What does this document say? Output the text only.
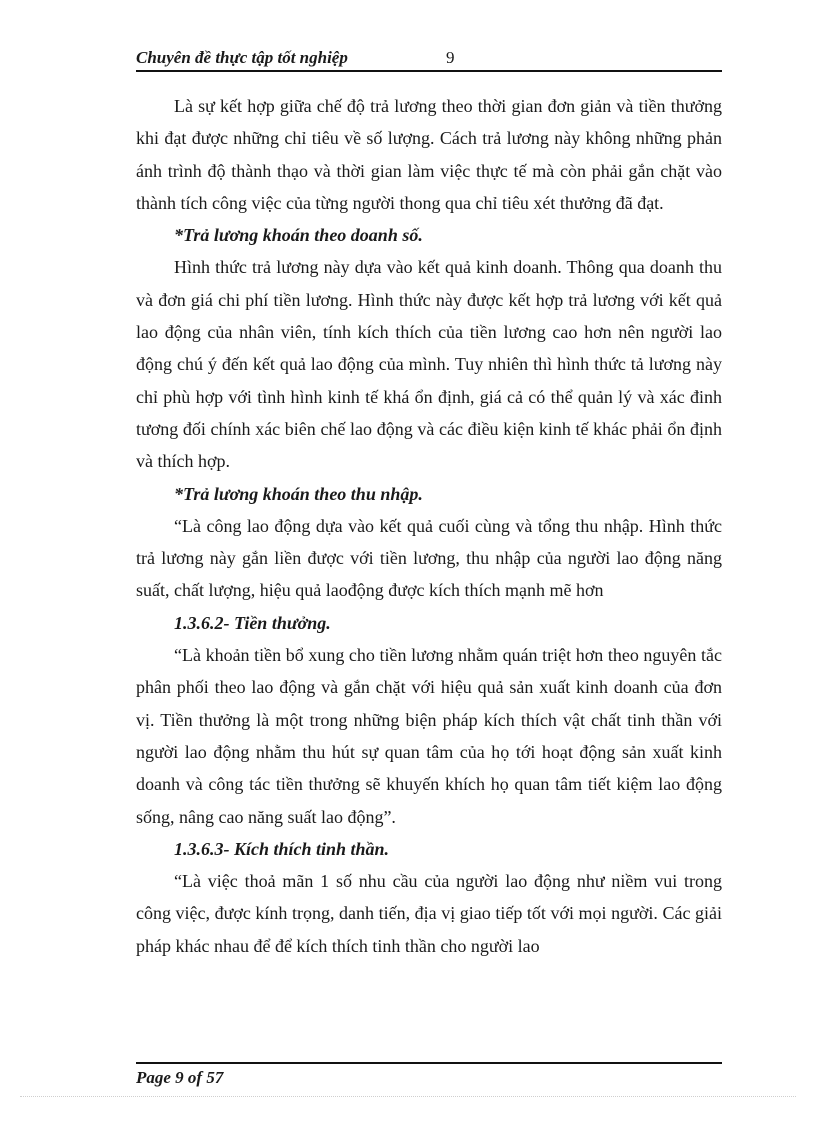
Chuyên đề thực tập tốt nghiệp	9

Là sự kết hợp giữa chế độ trả lương theo thời gian đơn giản và tiền thưởng khi đạt được những chỉ tiêu về số lượng. Cách trả lương này không những phản ánh trình độ thành thạo và thời gian làm việc thực tế mà còn phải gắn chặt vào thành tích công việc của từng người thong qua chỉ tiêu xét thưởng đã đạt.

*Trả lương khoán theo doanh số.

Hình thức trả lương này dựa vào kết quả kinh doanh. Thông qua doanh thu và đơn giá chi phí tiền lương. Hình thức này được kết hợp trả lương với kết quả lao động của nhân viên, tính kích thích của tiền lương cao hơn nên người lao động chú ý đến kết quả lao động của mình. Tuy nhiên thì hình thức tả lương này chỉ phù hợp với tình hình kinh tế khá ổn định, giá cả có thể quản lý và xác đinh tương đối chính xác biên chế lao động và các điều kiện kinh tế khác phải ổn định và thích hợp.

*Trả lương khoán theo thu nhập.

“Là công lao động dựa vào kết quả cuối cùng và tổng thu nhập. Hình thức trả lương này gắn liền được với tiền lương, thu nhập của người lao động năng suất, chất lượng, hiệu quả laođộng được kích thích mạnh mẽ hơn

1.3.6.2- Tiền thưởng.

“Là khoản tiền bổ xung cho tiền lương nhằm quán triệt hơn theo nguyên tắc phân phối theo lao động và gắn chặt với hiệu quả sản xuất kinh doanh của đơn vị. Tiền thưởng là một trong những biện pháp kích thích vật chất tinh thần với người lao động nhằm thu hút sự quan tâm của họ tới hoạt động sản xuất kinh doanh và công tác tiền thưởng sẽ khuyến khích họ quan tâm tiết kiệm lao động sống, nâng cao năng suất lao động”.

1.3.6.3- Kích thích tinh thần.

“Là việc thoả mãn 1 số nhu cầu của người lao động như niềm vui trong công việc, được kính trọng, danh tiến, địa vị giao tiếp tốt với mọi người. Các giải pháp khác nhau để để kích thích tinh thần cho người lao

Page 9 of 57
